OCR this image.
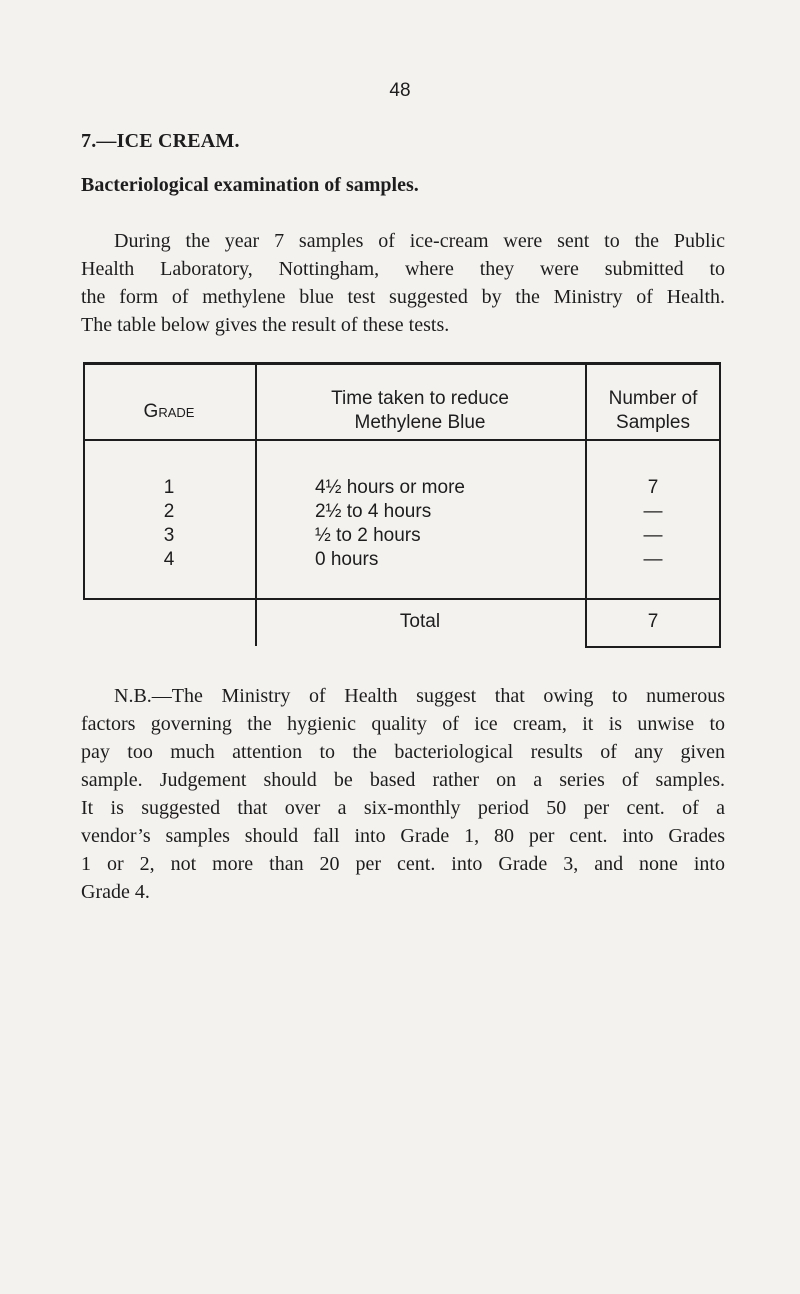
48
7.—ICE CREAM.
Bacteriological examination of samples.
During the year 7 samples of ice-cream were sent to the Public
Health Laboratory, Nottingham, where they were submitted to
the form of methylene blue test suggested by the Ministry of Health.
The table below gives the result of these tests.
Grade
Time taken to reduce
Methylene Blue
Number of
Samples
1
2
3
4
4½ hours or more
2½ to 4 hours
½ to 2 hours
0 hours
7
—
—
—
Total	7
N.B.—The Ministry of Health suggest that owing to numerous
factors governing the hygienic quality of ice cream, it is unwise to
pay too much attention to the bacteriological results of any given
sample. Judgement should be based rather on a series of samples.
It is suggested that over a six-monthly period 50 per cent. of a
vendor’s samples should fall into Grade 1, 80 per cent. into Grades
1 or 2, not more than 20 per cent. into Grade 3, and none into
Grade 4.
